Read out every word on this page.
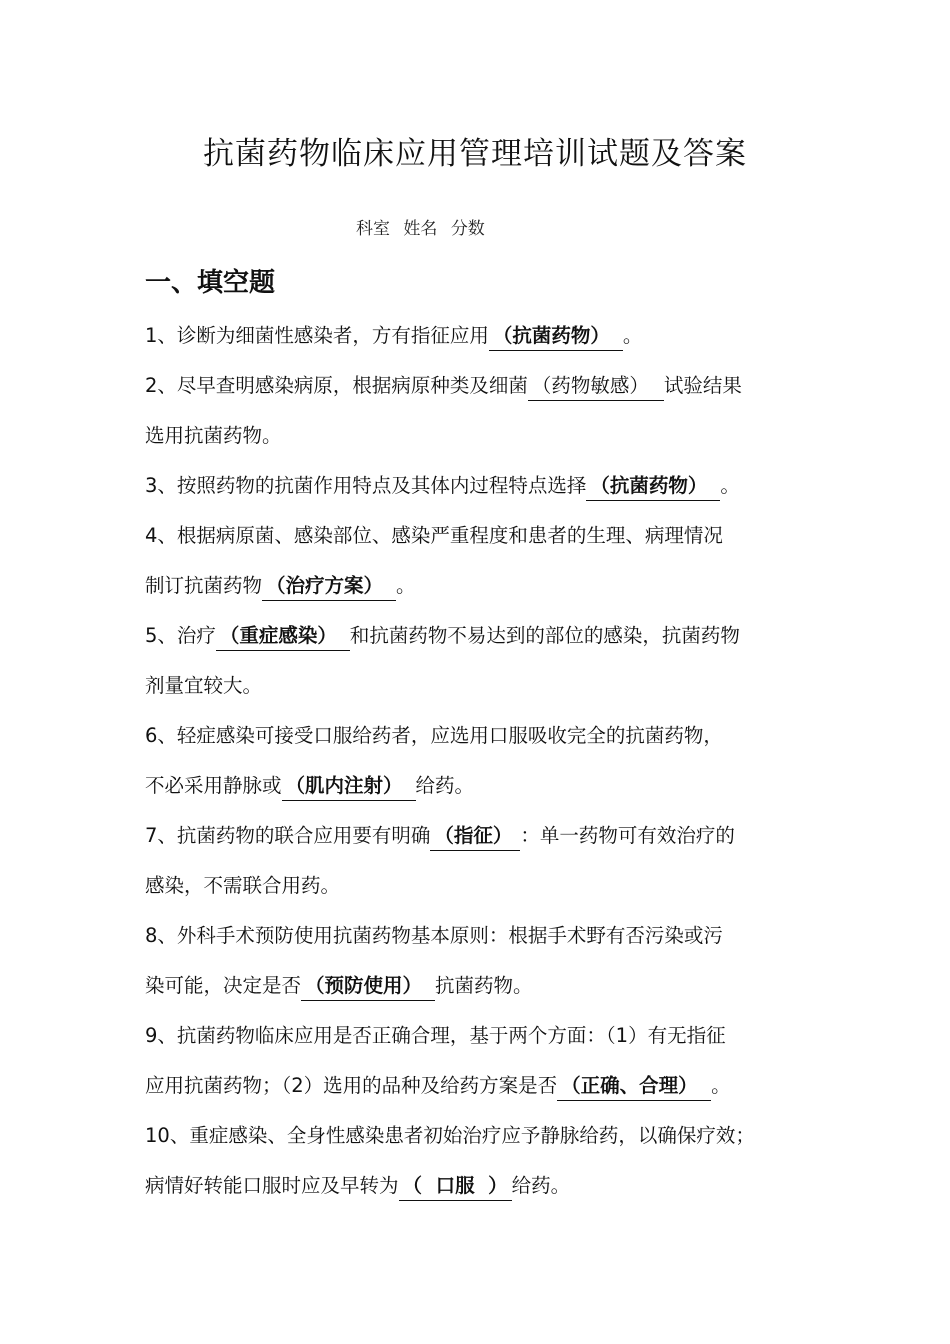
抗菌药物临床应用管理培训试题及答案
科室 姓名 分数
一、填空题
1、诊断为细菌性感染者，方有指征应用 （抗菌药物） 。
2、尽早查明感染病原，根据病原种类及细菌 （药物敏感） 试验结果
选用抗菌药物。
3、按照药物的抗菌作用特点及其体内过程特点选择 （抗菌药物） 。
4、根据病原菌、感染部位、感染严重程度和患者的生理、病理情况
制订抗菌药物 （治疗方案） 。
5、治疗 （重症感染） 和抗菌药物不易达到的部位的感染，抗菌药物
剂量宜较大。
6、轻症感染可接受口服给药者，应选用口服吸收完全的抗菌药物，
不必采用静脉或 （肌内注射） 给药。
7、抗菌药物的联合应用要有明确 （指征） ：单一药物可有效治疗的
感染，不需联合用药。
8、外科手术预防使用抗菌药物基本原则：根据手术野有否污染或污
染可能，决定是否 （预防使用） 抗菌药物。
9、抗菌药物临床应用是否正确合理，基于两个方面：（1）有无指征
应用抗菌药物；（2）选用的品种及给药方案是否 （正确、合理） 。
10、重症感染、全身性感染患者初始治疗应予静脉给药，以确保疗效；
病情好转能口服时应及早转为 （  口服  ） 给药。
